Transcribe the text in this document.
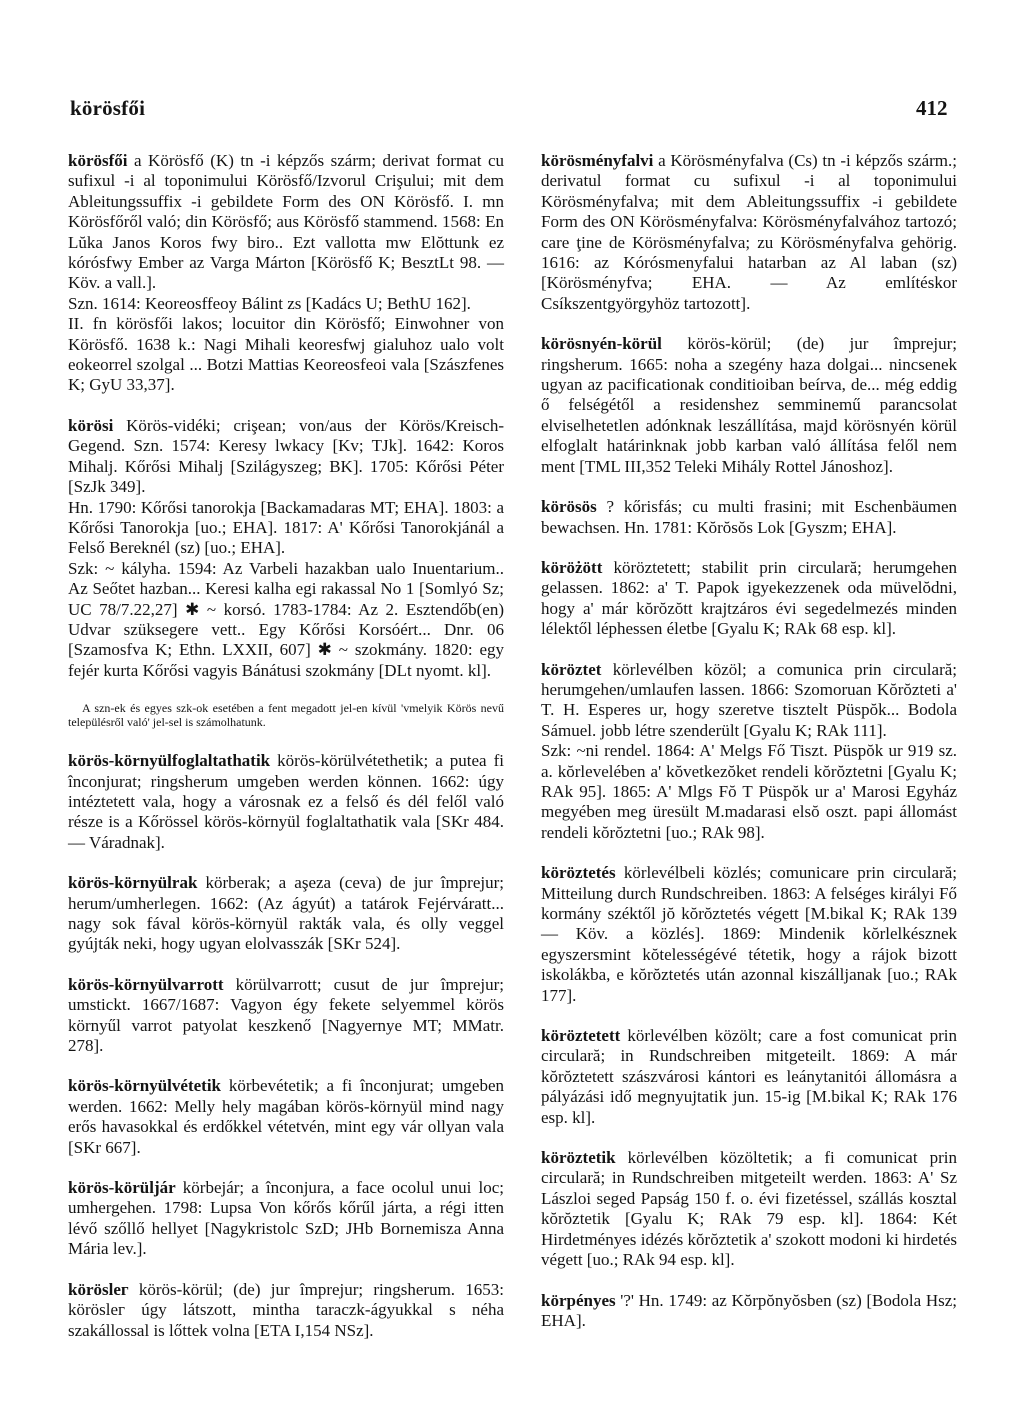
körösfői	412
körösfői a Körösfő (K) tn -i képzős szárm; derivat format cu sufixul -i al toponimului Körösfő/Izvorul Crişului; mit dem Ableitungssuffix -i gebildete Form des ON Körösfő. I. mn Körösfőről való; din Körösfő; aus Körösfő stammend. 1568: En Lŭka Janos Koros fwy biro.. Ezt vallotta mw Elŏttunk ez kórósfwy Ember az Varga Márton [Körösfő K; BesztLt 98. — Köv. a vall.].
Szn. 1614: Keoreosffeoy Bálint zs [Kadács U; BethU 162].
II. fn körösfői lakos; locuitor din Körösfő; Einwohner von Körösfő. 1638 k.: Nagi Mihali keoresfwj gialuhoz ualo volt eokeorrel szolgal ... Botzi Mattias Keoreosfeoi vala [Szászfenes K; GyU 33,37].
körösi Körös-vidéki; crişean; von/aus der Körös/Kreisch-Gegend. Szn. 1574: Keresy lwkacy [Kv; TJk]. 1642: Koros Mihalj. Kőrősi Mihalj [Szilágyszeg; BK]. 1705: Kőrősi Péter [SzJk 349].
Hn. 1790: Kőrősi tanorokja [Backamadaras MT; EHA]. 1803: a Kőrősi Tanorokja [uo.; EHA]. 1817: A' Kőrősi Tanorokjánál a Felső Bereknél (sz) [uo.; EHA].
Szk: ~ kályha. 1594: Az Varbeli hazakban ualo Inuentarium.. Az Seőtet hazban... Keresi kalha egi rakassal No 1 [Somlyó Sz; UC 78/7.22,27] ✱ ~ korsó. 1783-1784: Az 2. Esztendőb(en) Udvar szüksegere vett.. Egy Kőrősi Korsóért... Dnr. 06 [Szamosfva K; Ethn. LXXII, 607] ✱ ~ szokmány. 1820: egy fejér kurta Kőrősi vagyis Bánátusi szokmány [DLt nyomt. kl].
A szn-ek és egyes szk-ok esetében a fent megadott jel-en kívül 'vmelyik Körös nevű településről való' jel-sel is számolhatunk.
körös-környülfoglaltathatik körös-körülvétethetik; a putea fi înconjurat; ringsherum umgeben werden können. 1662: úgy intéztetett vala, hogy a városnak ez a felső és dél felől való része is a Kőrössel körös-környül foglaltathatik vala [SKr 484. — Váradnak].
körös-környülrak körberak; a aşeza (ceva) de jur împrejur; herum/umherlegen. 1662: (Az ágyút) a tatárok Fejérváratt... nagy sok fával körös-környül rakták vala, és olly veggel gyújták neki, hogy ugyan elolvasszák [SKr 524].
körös-környülvarrott körülvarrott; cusut de jur împrejur; umstickt. 1667/1687: Vagyon égy fekete selyemmel körös környűl varrot patyolat keszkenő [Nagyernye MT; MMatr. 278].
körös-környülvétetik körbevétetik; a fi înconjurat; umgeben werden. 1662: Melly hely magában körös-környül mind nagy erős havasokkal és erdőkkel vétetvén, mint egy vár ollyan vala [SKr 667].
körös-körüljár körbejár; a înconjura, a face ocolul unui loc; umhergehen. 1798: Lupsa Von kőrős kőrűl járta, a régi itten lévő szőllő hellyet [Nagykristolc SzD; JHb Bornemisza Anna Mária lev.].
köröslег körös-körül; (de) jur împrejur; ringsherum. 1653: köröslег úgy látszott, mintha taraczk-ágyukkal s néha szakállossal is lőttek volna [ETA I,154 NSz].
körösményfalvi a Körösményfalva (Cs) tn -i képzős szárm.; derivatul format cu sufixul -i al toponimului Körösményfalva; mit dem Ableitungssuffix -i gebildete Form des ON Körösményfalva: Körösményfalvához tartozó; care ţine de Körösményfalva; zu Körösményfalva gehörig. 1616: az Kórósmenyfalui hatarban az Al laban (sz) [Körösményfva; EHA. — Az említéskor Csíkszentgyörgyhöz tartozott].
körösnyén-körül körös-körül; (de) jur împrejur; ringsherum. 1665: noha a szegény haza dolgai... nincsenek ugyan az pacificationak conditioiban beírva, de... még eddig ő felségétől a residenshez semminemű parancsolat elviselhetetlen adónknak leszállítása, majd körösnyén körül elfoglalt határinknak jobb karban való állítása felől nem ment [TML III,352 Teleki Mihály Rottel Jánoshoz].
körösös ? kőrisfás; cu multi frasini; mit Eschenbäumen bewachsen. Hn. 1781: Kŏrŏsŏs Lok [Gyszm; EHA].
köröżött köröztetett; stabilit prin circulară; herumgehen gelassen. 1862: a' T. Papok igyekezzenek oda müvelŏdni, hogy a' már kŏrŏzŏtt krajtzáros évi segedelmezés minden lélektől léphessen életbe [Gyalu K; RAk 68 esp. kl].
köröztet körlevélben közöl; a comunica prin circulară; herumgehen/umlaufen lassen. 1866: Szomoruan Kŏrŏzteti a' T. H. Esperes ur, hogy szeretve tisztelt Püspŏk... Bodola Sámuel. jobb létre szenderült [Gyalu K; RAk 111].
Szk: ~ni rendel. 1864: A' Melgs Fő Tiszt. Püspŏk ur 919 sz. a. kŏrlevelében a' kŏvetkezŏket rendeli kŏrŏztetni [Gyalu K; RAk 95]. 1865: A' Mlgs Fŏ T Püspŏk ur a' Marosi Egyház megyében meg üresült M.madarasi elsŏ oszt. papi állomást rendeli kŏrŏztetni [uo.; RAk 98].
köröztetés körlevélbeli közlés; comunicare prin circulară; Mitteilung durch Rundschreiben. 1863: A felséges királyi Fő kormány széktől jŏ kŏrŏztetés végett [M.bikal K; RAk 139 — Köv. a közlés]. 1869: Mindenik kŏrlelkésznek egyszersmint kŏtelességévé tétetik, hogy a rájok bizott iskolákba, e kŏrŏztetés után azonnal kiszálljanak [uo.; RAk 177].
köröztetett körlevélben közölt; care a fost comunicat prin circulară; in Rundschreiben mitgeteilt. 1869: A már kŏrŏztetett szászvárosi kántori es leánytanitói állomásra a pályázási idő megnyujtatik jun. 15-ig [M.bikal K; RAk 176 esp. kl].
köröztetik körlevélben közöltetik; a fi comunicat prin circulară; in Rundschreiben mitgeteilt werden. 1863: A' Sz Lászloi seged Papság 150 f. o. évi fizetéssel, szállás kosztal kŏrŏztetik [Gyalu K; RAk 79 esp. kl]. 1864: Két Hirdetményes idézés kŏrŏztetik a' szokott modoni ki hirdetés végett [uo.; RAk 94 esp. kl].
körpényes '?' Hn. 1749: az Kŏrpŏnyŏsben (sz) [Bodola Hsz; EHA].
